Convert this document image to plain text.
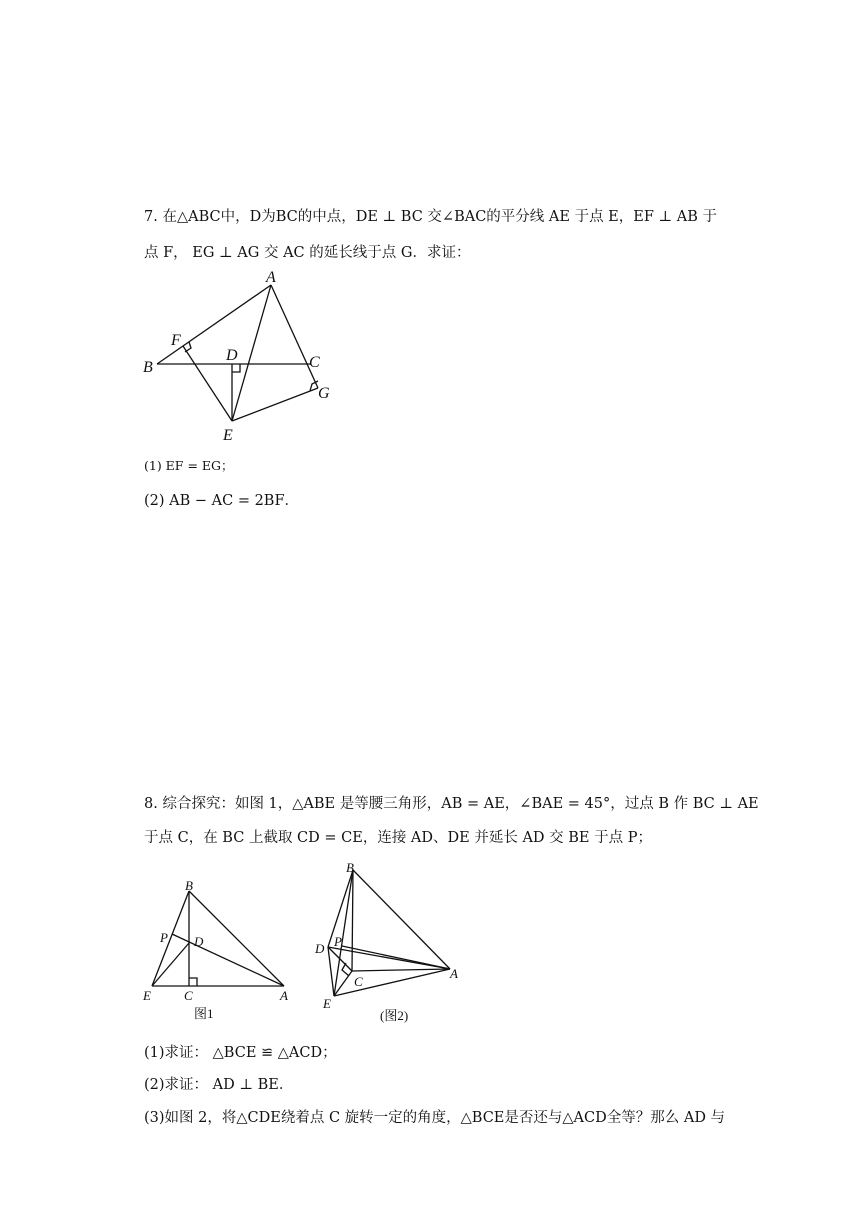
7. 在△ABC中，D为BC的中点，DE ⊥ BC 交∠BAC的平分线 AE 于点 E，EF ⊥ AB 于
点 F， EG ⊥ AG 交 AC 的延长线于点 G．求证：
A
B	C
D
E
F
G
(1) EF = EG；
(2) AB − AC = 2BF．
8. 综合探究：如图 1，△ABE 是等腰三角形，AB = AE，∠BAE = 45°，过点 B 作 BC ⊥ AE
于点 C，在 BC 上截取 CD = CE，连接 AD、DE 并延长 AD 交 BE 于点 P；
B
E	C	A
D
P
图1
B
D P
C
E
A
(图2)
(1)求证： △BCE ≌ △ACD；
(2)求证： AD ⊥ BE．
(3)如图 2，将△CDE绕着点 C 旋转一定的角度，△BCE是否还与△ACD全等？那么 AD 与
